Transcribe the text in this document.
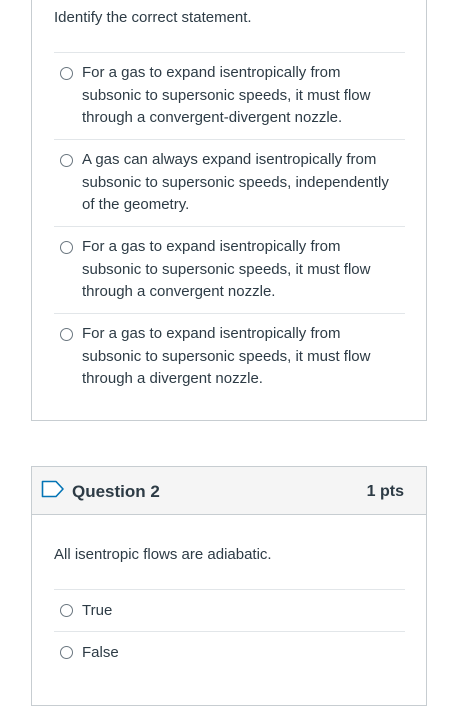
Identify the correct statement.
For a gas to expand isentropically from subsonic to supersonic speeds, it must flow through a convergent-divergent nozzle.
A gas can always expand isentropically from subsonic to supersonic speeds, independently of the geometry.
For a gas to expand isentropically from subsonic to supersonic speeds, it must flow through a convergent nozzle.
For a gas to expand isentropically from subsonic to supersonic speeds, it must flow through a divergent nozzle.
Question 2	1 pts
All isentropic flows are adiabatic.
True
False
